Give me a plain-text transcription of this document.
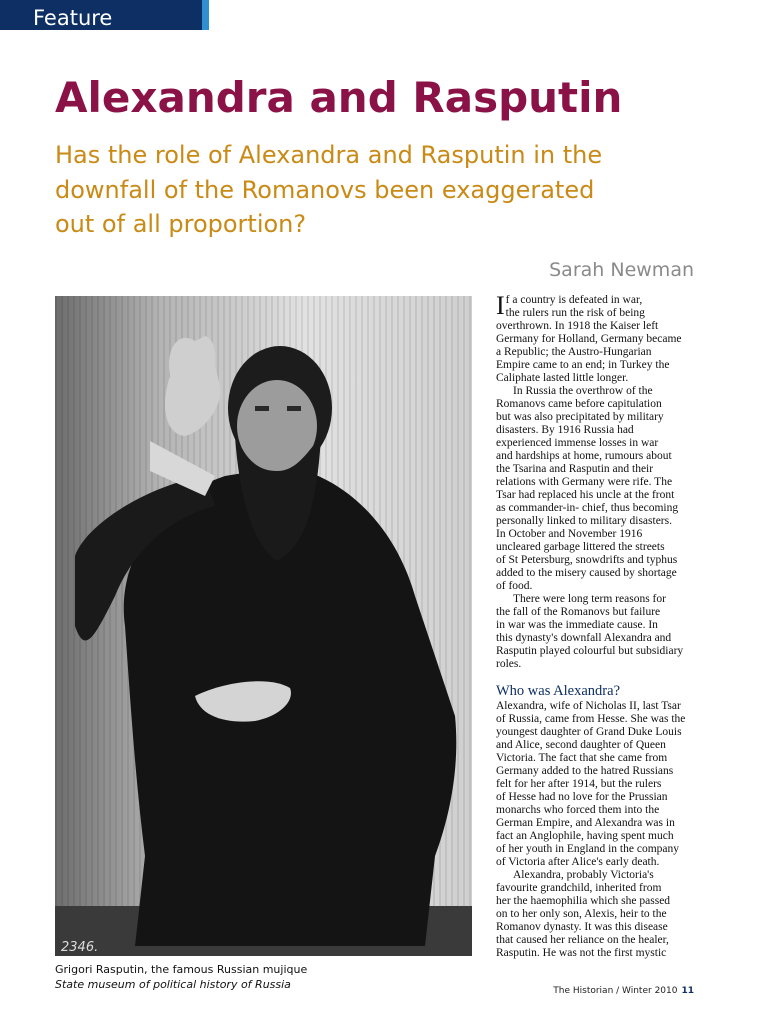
Feature
Alexandra and Rasputin
Has the role of Alexandra and Rasputin in the
downfall of the Romanovs been exaggerated
out of all proportion?
Sarah Newman
2346.
Grigori Rasputin, the famous Russian mujique
State museum of political history of Russia
I f a country is defeated in war,
the rulers run the risk of being
overthrown. In 1918 the Kaiser left
Germany for Holland, Germany became
a Republic; the Austro-Hungarian
Empire came to an end; in Turkey the
Caliphate lasted little longer.
In Russia the overthrow of the
Romanovs came before capitulation
but was also precipitated by military
disasters. By 1916 Russia had
experienced immense losses in war
and hardships at home, rumours about
the Tsarina and Rasputin and their
relations with Germany were rife. The
Tsar had replaced his uncle at the front
as commander-in- chief, thus becoming
personally linked to military disasters.
In October and November 1916
uncleared garbage littered the streets
of St Petersburg, snowdrifts and typhus
added to the misery caused by shortage
of food.
There were long term reasons for
the fall of the Romanovs but failure
in war was the immediate cause. In
this dynasty's downfall Alexandra and
Rasputin played colourful but subsidiary
roles.
Who was Alexandra?
Alexandra, wife of Nicholas II, last Tsar
of Russia, came from Hesse. She was the
youngest daughter of Grand Duke Louis
and Alice, second daughter of Queen
Victoria. The fact that she came from
Germany added to the hatred Russians
felt for her after 1914, but the rulers
of Hesse had no love for the Prussian
monarchs who forced them into the
German Empire, and Alexandra was in
fact an Anglophile, having spent much
of her youth in England in the company
of Victoria after Alice's early death.
Alexandra, probably Victoria's
favourite grandchild, inherited from
her the haemophilia which she passed
on to her only son, Alexis, heir to the
Romanov dynasty. It was this disease
that caused her reliance on the healer,
Rasputin. He was not the first mystic
The Historian / Winter 2010 11
